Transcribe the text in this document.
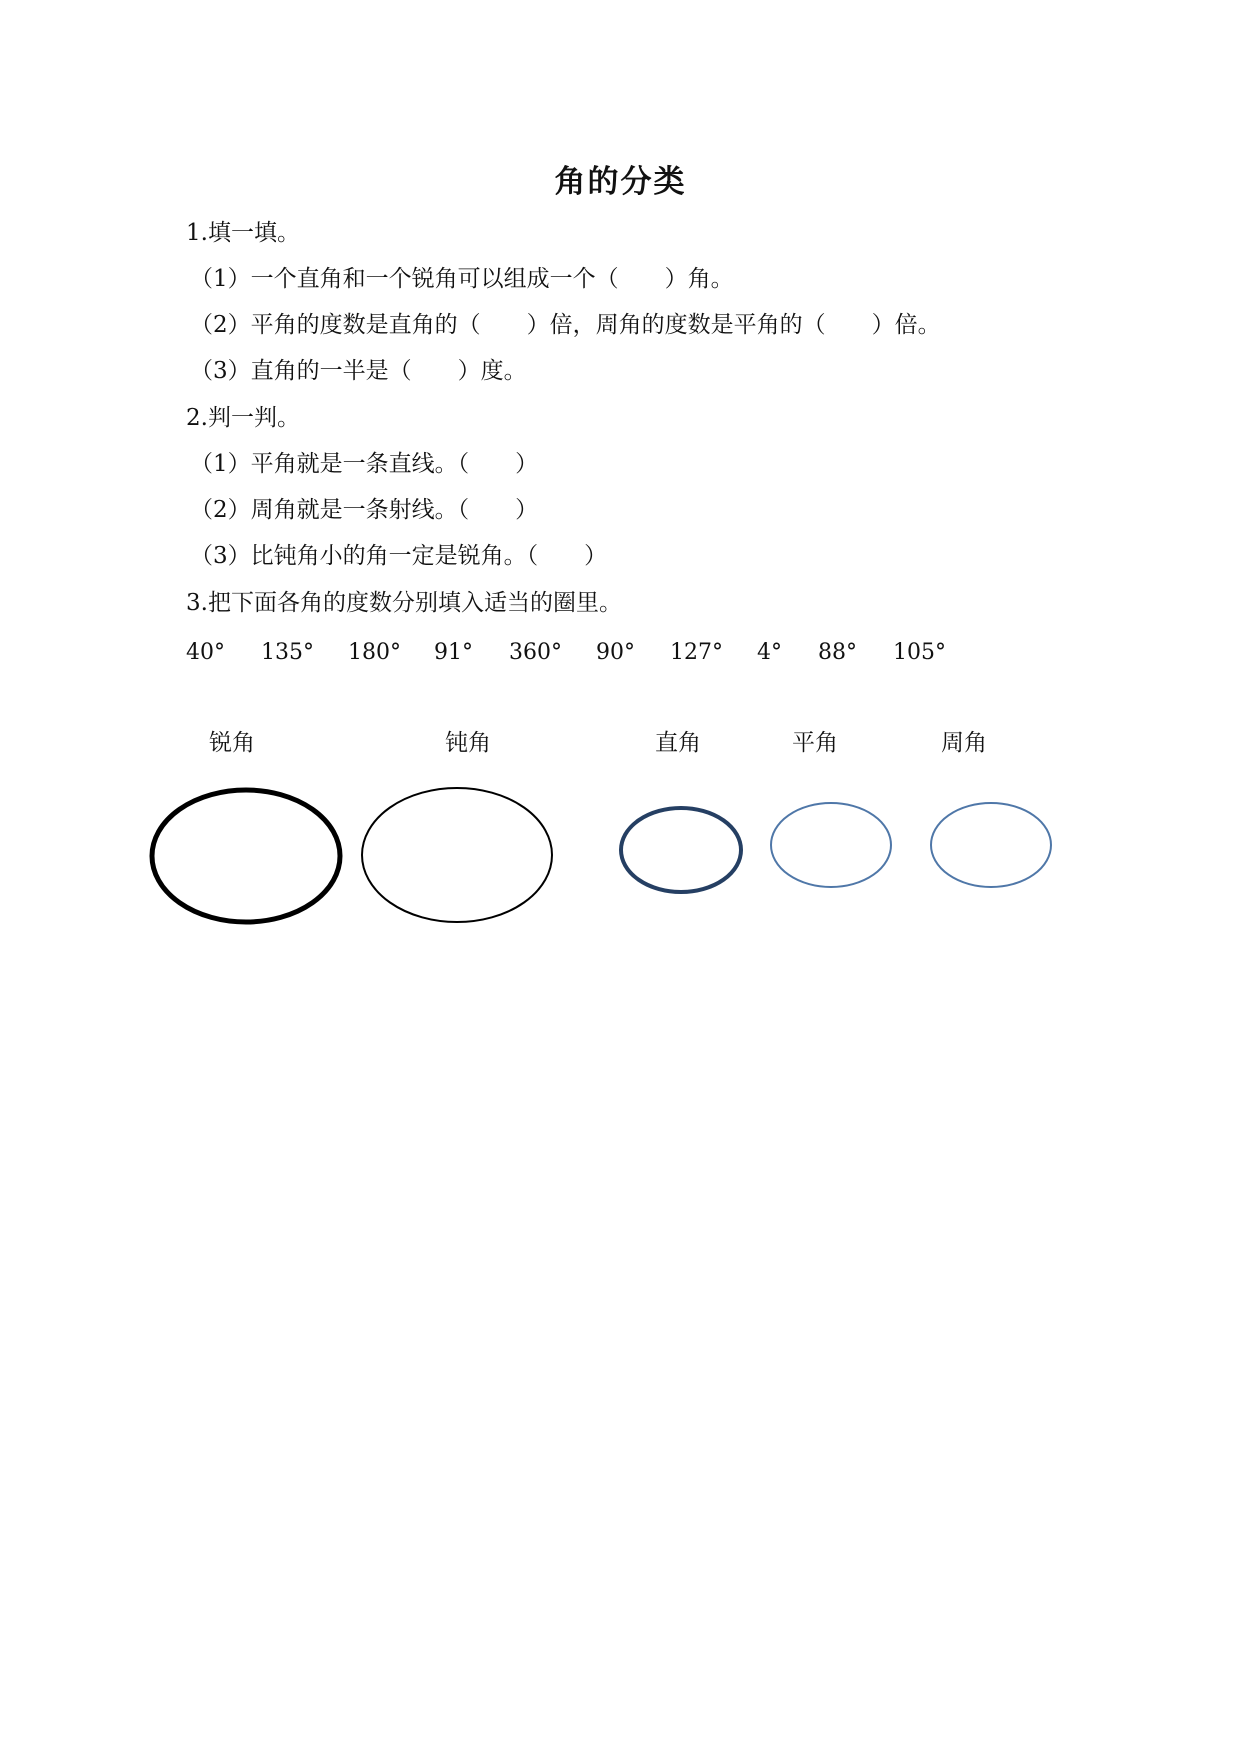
角的分类
1.填一填。
（1）一个直角和一个锐角可以组成一个（　　）角。
（2）平角的度数是直角的（　　）倍，周角的度数是平角的（　　）倍。
（3）直角的一半是（　　）度。
2.判一判。
（1）平角就是一条直线。（　　）
（2）周角就是一条射线。（　　）
（3）比钝角小的角一定是锐角。（　　）
3.把下面各角的度数分别填入适当的圈里。
40° 135° 180° 91° 360° 90° 127° 4° 88° 105°
锐角	钝角	直角	平角	周角
